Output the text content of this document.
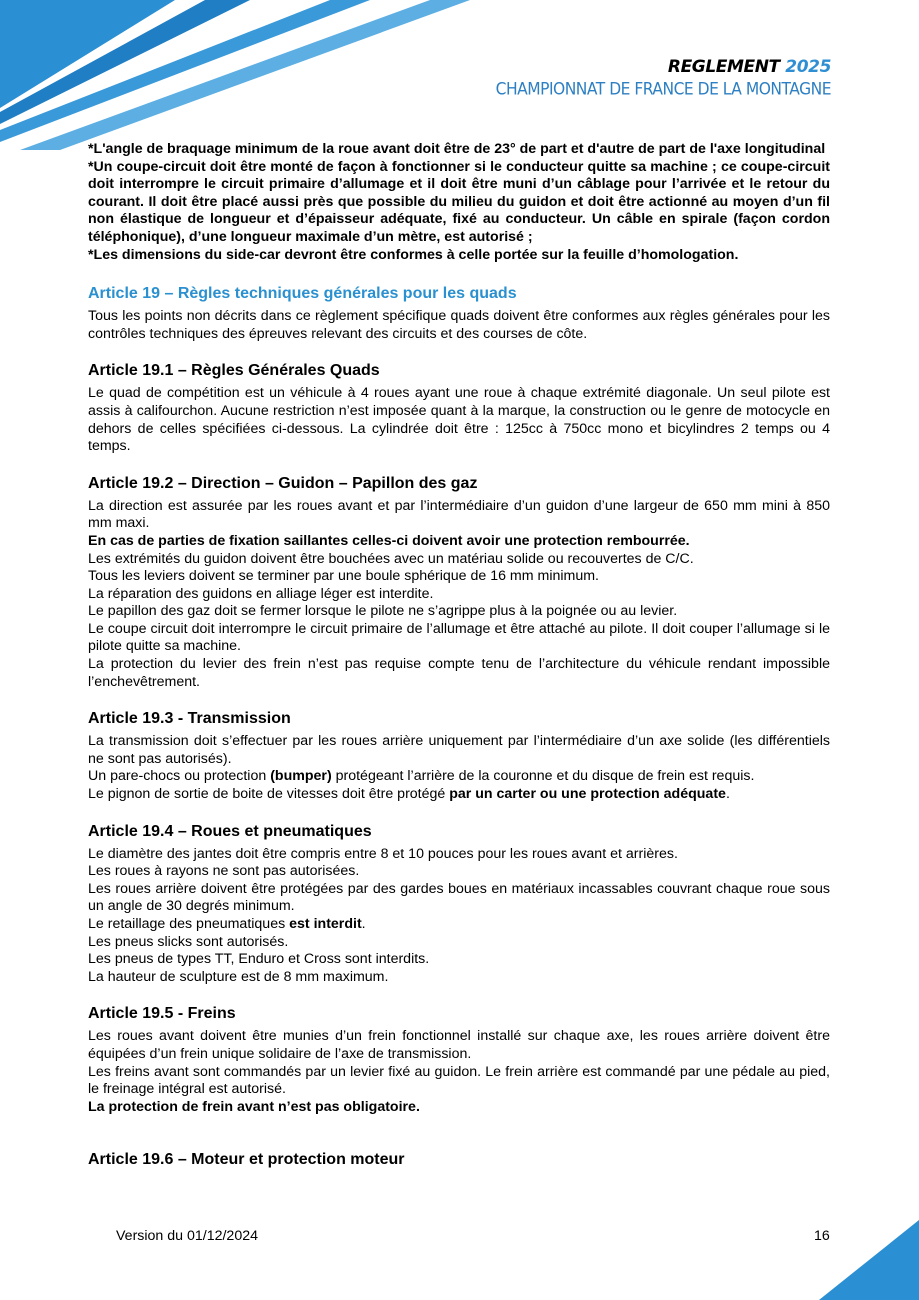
REGLEMENT 2025
CHAMPIONNAT DE FRANCE DE LA MONTAGNE

*L'angle de braquage minimum de la roue avant doit être de 23° de part et d'autre de part de l'axe longitudinal

*Un coupe-circuit doit être monté de façon à fonctionner si le conducteur quitte sa machine ; ce coupe-circuit doit interrompre le circuit primaire d’allumage et il doit être muni d’un câblage pour l’arrivée et le retour du courant. Il doit être placé aussi près que possible du milieu du guidon et doit être actionné au moyen d’un fil non élastique de longueur et d’épaisseur adéquate, fixé au conducteur. Un câble en spirale (façon cordon téléphonique), d’une longueur maximale d’un mètre, est autorisé ;

*Les dimensions du side-car devront être conformes à celle portée sur la feuille d’homologation.

Article 19 – Règles techniques générales pour les quads

Tous les points non décrits dans ce règlement spécifique quads doivent être conformes aux règles générales pour les contrôles techniques des épreuves relevant des circuits et des courses de côte.

Article 19.1 – Règles Générales Quads

Le quad de compétition est un véhicule à 4 roues ayant une roue à chaque extrémité diagonale. Un seul pilote est assis à califourchon. Aucune restriction n’est imposée quant à la marque, la construction ou le genre de motocycle en dehors de celles spécifiées ci-dessous. La cylindrée doit être : 125cc à 750cc mono et bicylindres 2 temps ou 4 temps.

Article 19.2 – Direction – Guidon – Papillon des gaz

La direction est assurée par les roues avant et par l’intermédiaire d’un guidon d’une largeur de 650 mm mini à 850 mm maxi.

En cas de parties de fixation saillantes celles-ci doivent avoir une protection rembourrée.

Les extrémités du guidon doivent être bouchées avec un matériau solide ou recouvertes de C/C.

Tous les leviers doivent se terminer par une boule sphérique de 16 mm minimum.

La réparation des guidons en alliage léger est interdite.

Le papillon des gaz doit se fermer lorsque le pilote ne s’agrippe plus à la poignée ou au levier.

Le coupe circuit doit interrompre le circuit primaire de l’allumage et être attaché au pilote. Il doit couper l’allumage si le pilote quitte sa machine.

La protection du levier des frein n’est pas requise compte tenu de l’architecture du véhicule rendant impossible l’enchevêtrement.

Article 19.3 - Transmission

La transmission doit s’effectuer par les roues arrière uniquement par l’intermédiaire d’un axe solide (les différentiels ne sont pas autorisés).

Un pare-chocs ou protection (bumper) protégeant l’arrière de la couronne et du disque de frein est requis.

Le pignon de sortie de boite de vitesses doit être protégé par un carter ou une protection adéquate.

Article 19.4 – Roues et pneumatiques

Le diamètre des jantes doit être compris entre 8 et 10 pouces pour les roues avant et arrières.

Les roues à rayons ne sont pas autorisées.

Les roues arrière doivent être protégées par des gardes boues en matériaux incassables couvrant chaque roue sous un angle de 30 degrés minimum.

Le retaillage des pneumatiques est interdit.

Les pneus slicks sont autorisés.

Les pneus de types TT, Enduro et Cross sont interdits.

La hauteur de sculpture est de 8 mm maximum.

Article 19.5 - Freins

Les roues avant doivent être munies d’un frein fonctionnel installé sur chaque axe, les roues arrière doivent être équipées d’un frein unique solidaire de l’axe de transmission.

Les freins avant sont commandés par un levier fixé au guidon. Le frein arrière est commandé par une pédale au pied, le freinage intégral est autorisé.

La protection de frein avant n’est pas obligatoire.

Article 19.6 – Moteur et protection moteur
Version du 01/12/2024	16
